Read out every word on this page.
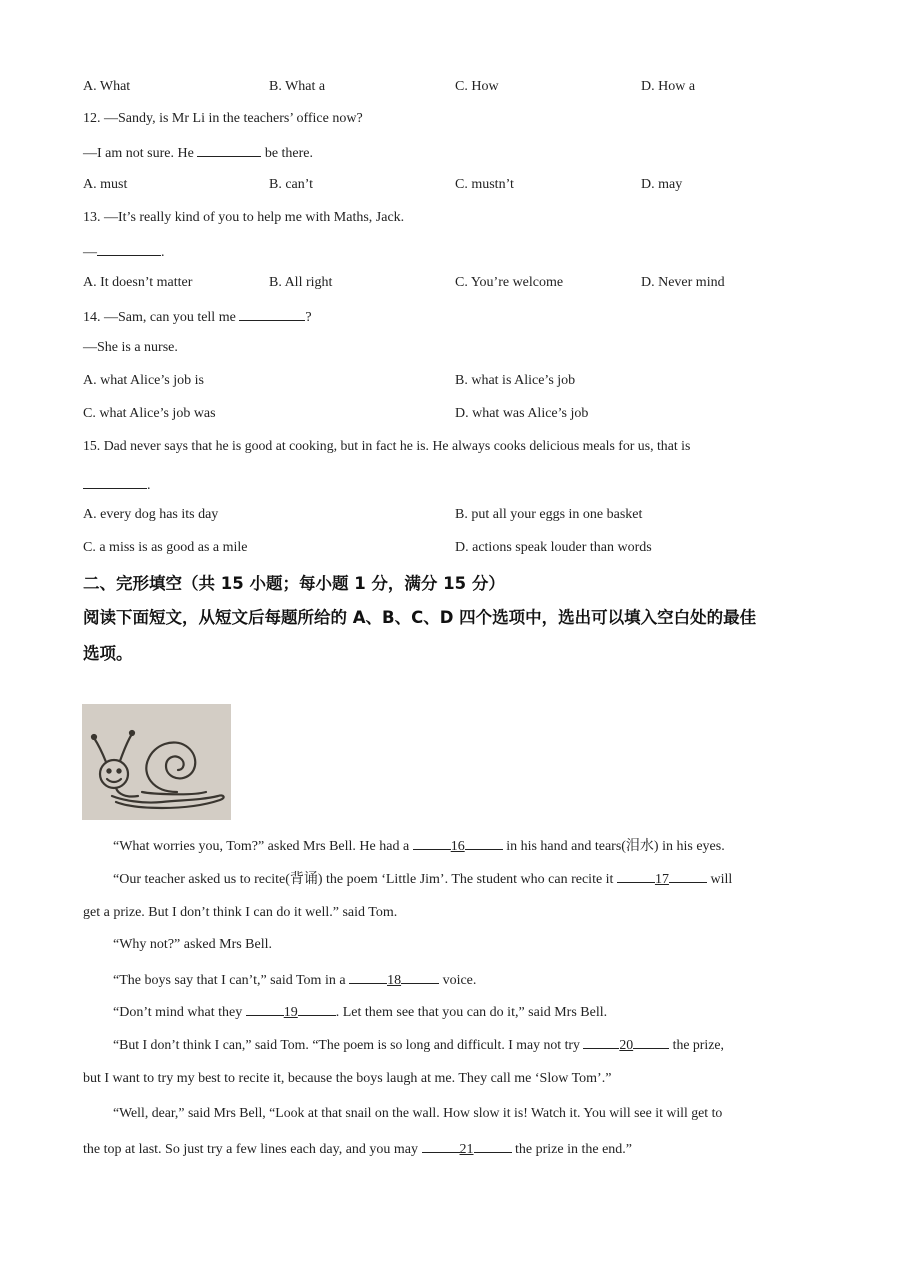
A. What	B. What a	C. How	D. How a
12. —Sandy, is Mr Li in the teachers’ office now?
—I am not sure. He	be there.
A. must	B. can’t	C. mustn’t	D. may
13. —It’s really kind of you to help me with Maths, Jack.
—	.
A. It doesn’t matter	B. All right	C. You’re welcome	D. Never mind
14. —Sam, can you tell me	?
—She is a nurse.
A. what Alice’s job is	B. what is Alice’s job
C. what Alice’s job was	D. what was Alice’s job
15. Dad never says that he is good at cooking, but in fact he is. He always cooks delicious meals for us, that is
.
A. every dog has its day	B. put all your eggs in one basket
C. a miss is as good as a mile	D. actions speak louder than words
二、完形填空（共 15 小题；每小题 1 分，满分 15 分）
阅读下面短文，从短文后每题所给的 A、B、C、D 四个选项中，选出可以填入空白处的最佳
选项。
“What worries you, Tom?” asked Mrs Bell. He had a	16	in his hand and tears(泪水) in his eyes.
“Our teacher asked us to recite(背诵) the poem ‘Little Jim’. The student who can recite it	17	will
get a prize. But I don’t think I can do it well.” said Tom.
“Why not?” asked Mrs Bell.
“The boys say that I can’t,” said Tom in a	18	voice.
“Don’t mind what they	19	. Let them see that you can do it,” said Mrs Bell.
“But I don’t think I can,” said Tom. “The poem is so long and difficult. I may not try	20	the prize,
but I want to try my best to recite it, because the boys laugh at me. They call me ‘Slow Tom’.”
“Well, dear,” said Mrs Bell, “Look at that snail on the wall. How slow it is! Watch it. You will see it will get to
the top at last. So just try a few lines each day, and you may	21	the prize in the end.”
